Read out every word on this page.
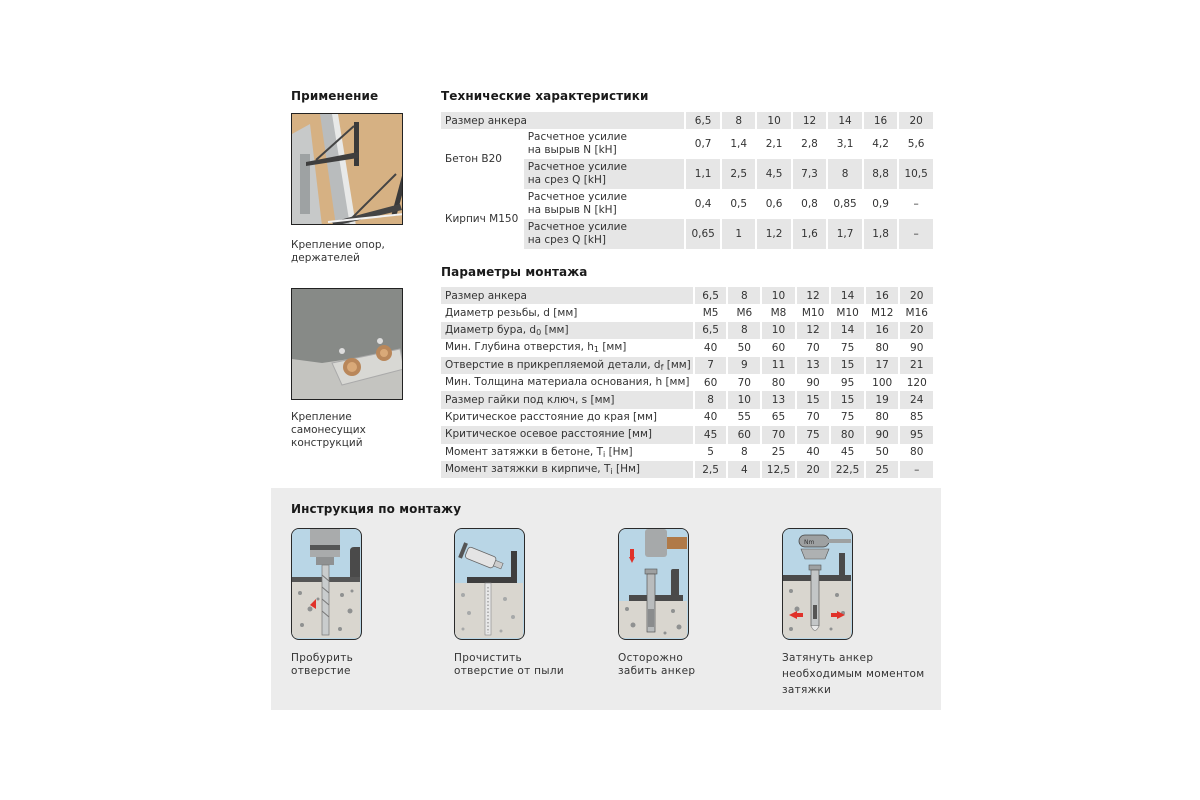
Применение
Крепление опор,
держателей
Крепление
самонесущих
конструкций
Технические характеристики
Размер анкера		6,5	8	10	12	14	16	20
Бетон В20	Расчетное усилие
на вырыв N [kH]	0,7	1,4	2,1	2,8	3,1	4,2	5,6

	Расчетное усилие
на срез Q [kH]	1,1	2,5	4,5	7,3	8	8,8	10,5
Кирпич М150	Расчетное усилие
на вырыв N [kH]	0,4	0,5	0,6	0,8	0,85	0,9	–

	Расчетное усилие
на срез Q [kH]	0,65	1	1,2	1,6	1,7	1,8	–
Параметры монтажа
Размер анкера	6,5	8	10	12	14	16	20
Диаметр резьбы, d [мм]	M5	M6	M8	M10	M10	M12	M16
Диаметр бура, $d_0$ [мм]	6,5	8	10	12	14	16	20
Мин. Глубина отверстия, $h_1$ [мм]	40	50	60	70	75	80	90
Отверстие в прикрепляемой детали, $d_f$ [мм]	7	9	11	13	15	17	21
Мин. Толщина материала основания, h [мм]	60	70	80	90	95	100	120
Размер гайки под ключ, s [мм]	8	10	13	15	15	19	24
Критическое расстояние до края [мм]	40	55	65	70	75	80	85
Критическое осевое расстояние [мм]	45	60	70	75	80	90	95
Момент затяжки в бетоне, $T_i$ [Нм]	5	8	25	40	45	50	80
Момент затяжки в кирпиче, $T_i$ [Нм]	2,5	4	12,5	20	22,5	25	–
Инструкция по монтажу
Пробурить
отверстие
Прочистить
отверстие от пыли
Осторожно
забить анкер
Nm
Затянуть анкер
необходимым моментом
затяжки
